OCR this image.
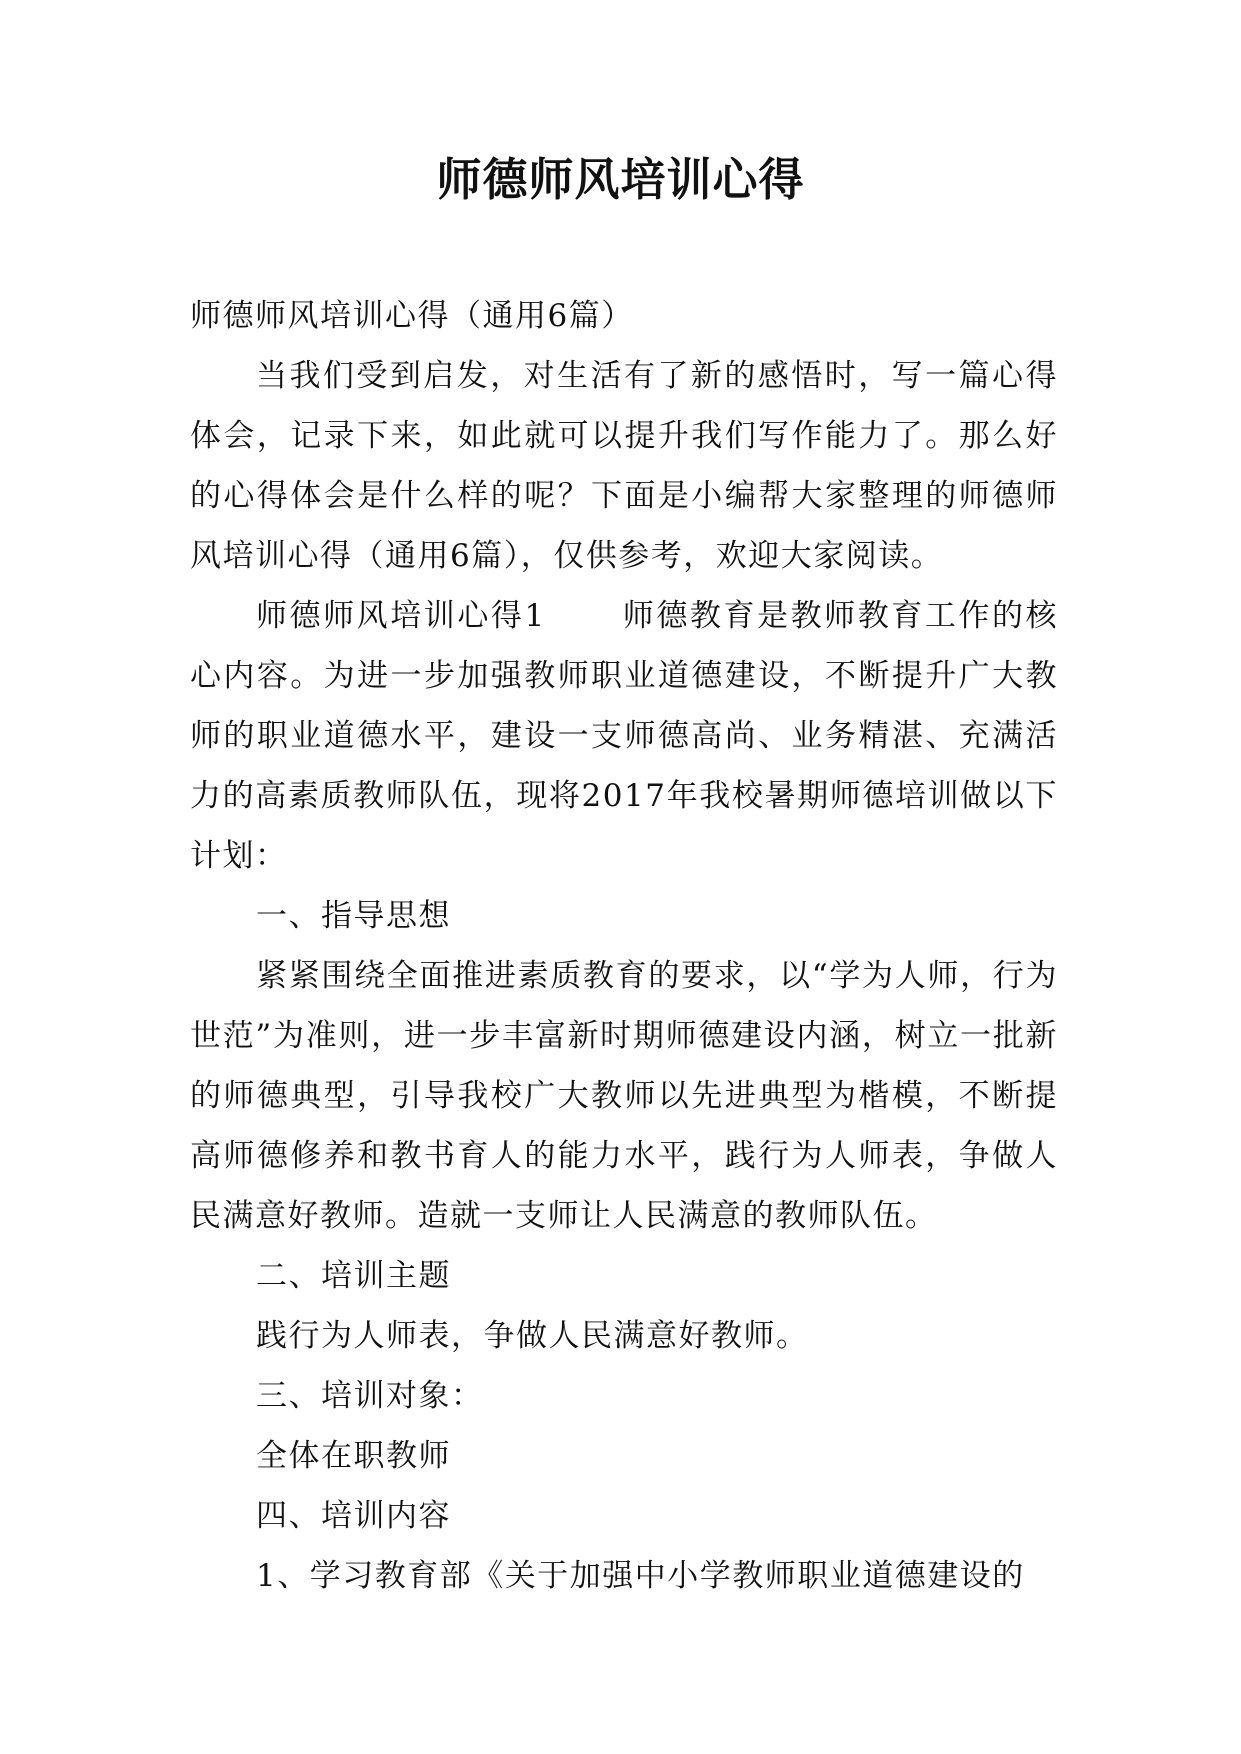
师德师风培训心得

师德师风培训心得（通用6篇）

当我们受到启发，对生活有了新的感悟时，写一篇心得体会，记录下来，如此就可以提升我们写作能力了。那么好的心得体会是什么样的呢？下面是小编帮大家整理的师德师风培训心得（通用6篇），仅供参考，欢迎大家阅读。

师德师风培训心得1 师德教育是教师教育工作的核心内容。为进一步加强教师职业道德建设，不断提升广大教师的职业道德水平，建设一支师德高尚、业务精湛、充满活力的高素质教师队伍，现将2017年我校暑期师德培训做以下计划：

一、指导思想

紧紧围绕全面推进素质教育的要求，以“学为人师，行为世范”为准则，进一步丰富新时期师德建设内涵，树立一批新的师德典型，引导我校广大教师以先进典型为楷模，不断提高师德修养和教书育人的能力水平，践行为人师表，争做人民满意好教师。造就一支师让人民满意的教师队伍。

二、培训主题

践行为人师表，争做人民满意好教师。

三、培训对象：

全体在职教师

四、培训内容

1、学习教育部《关于加强中小学教师职业道德建设的
